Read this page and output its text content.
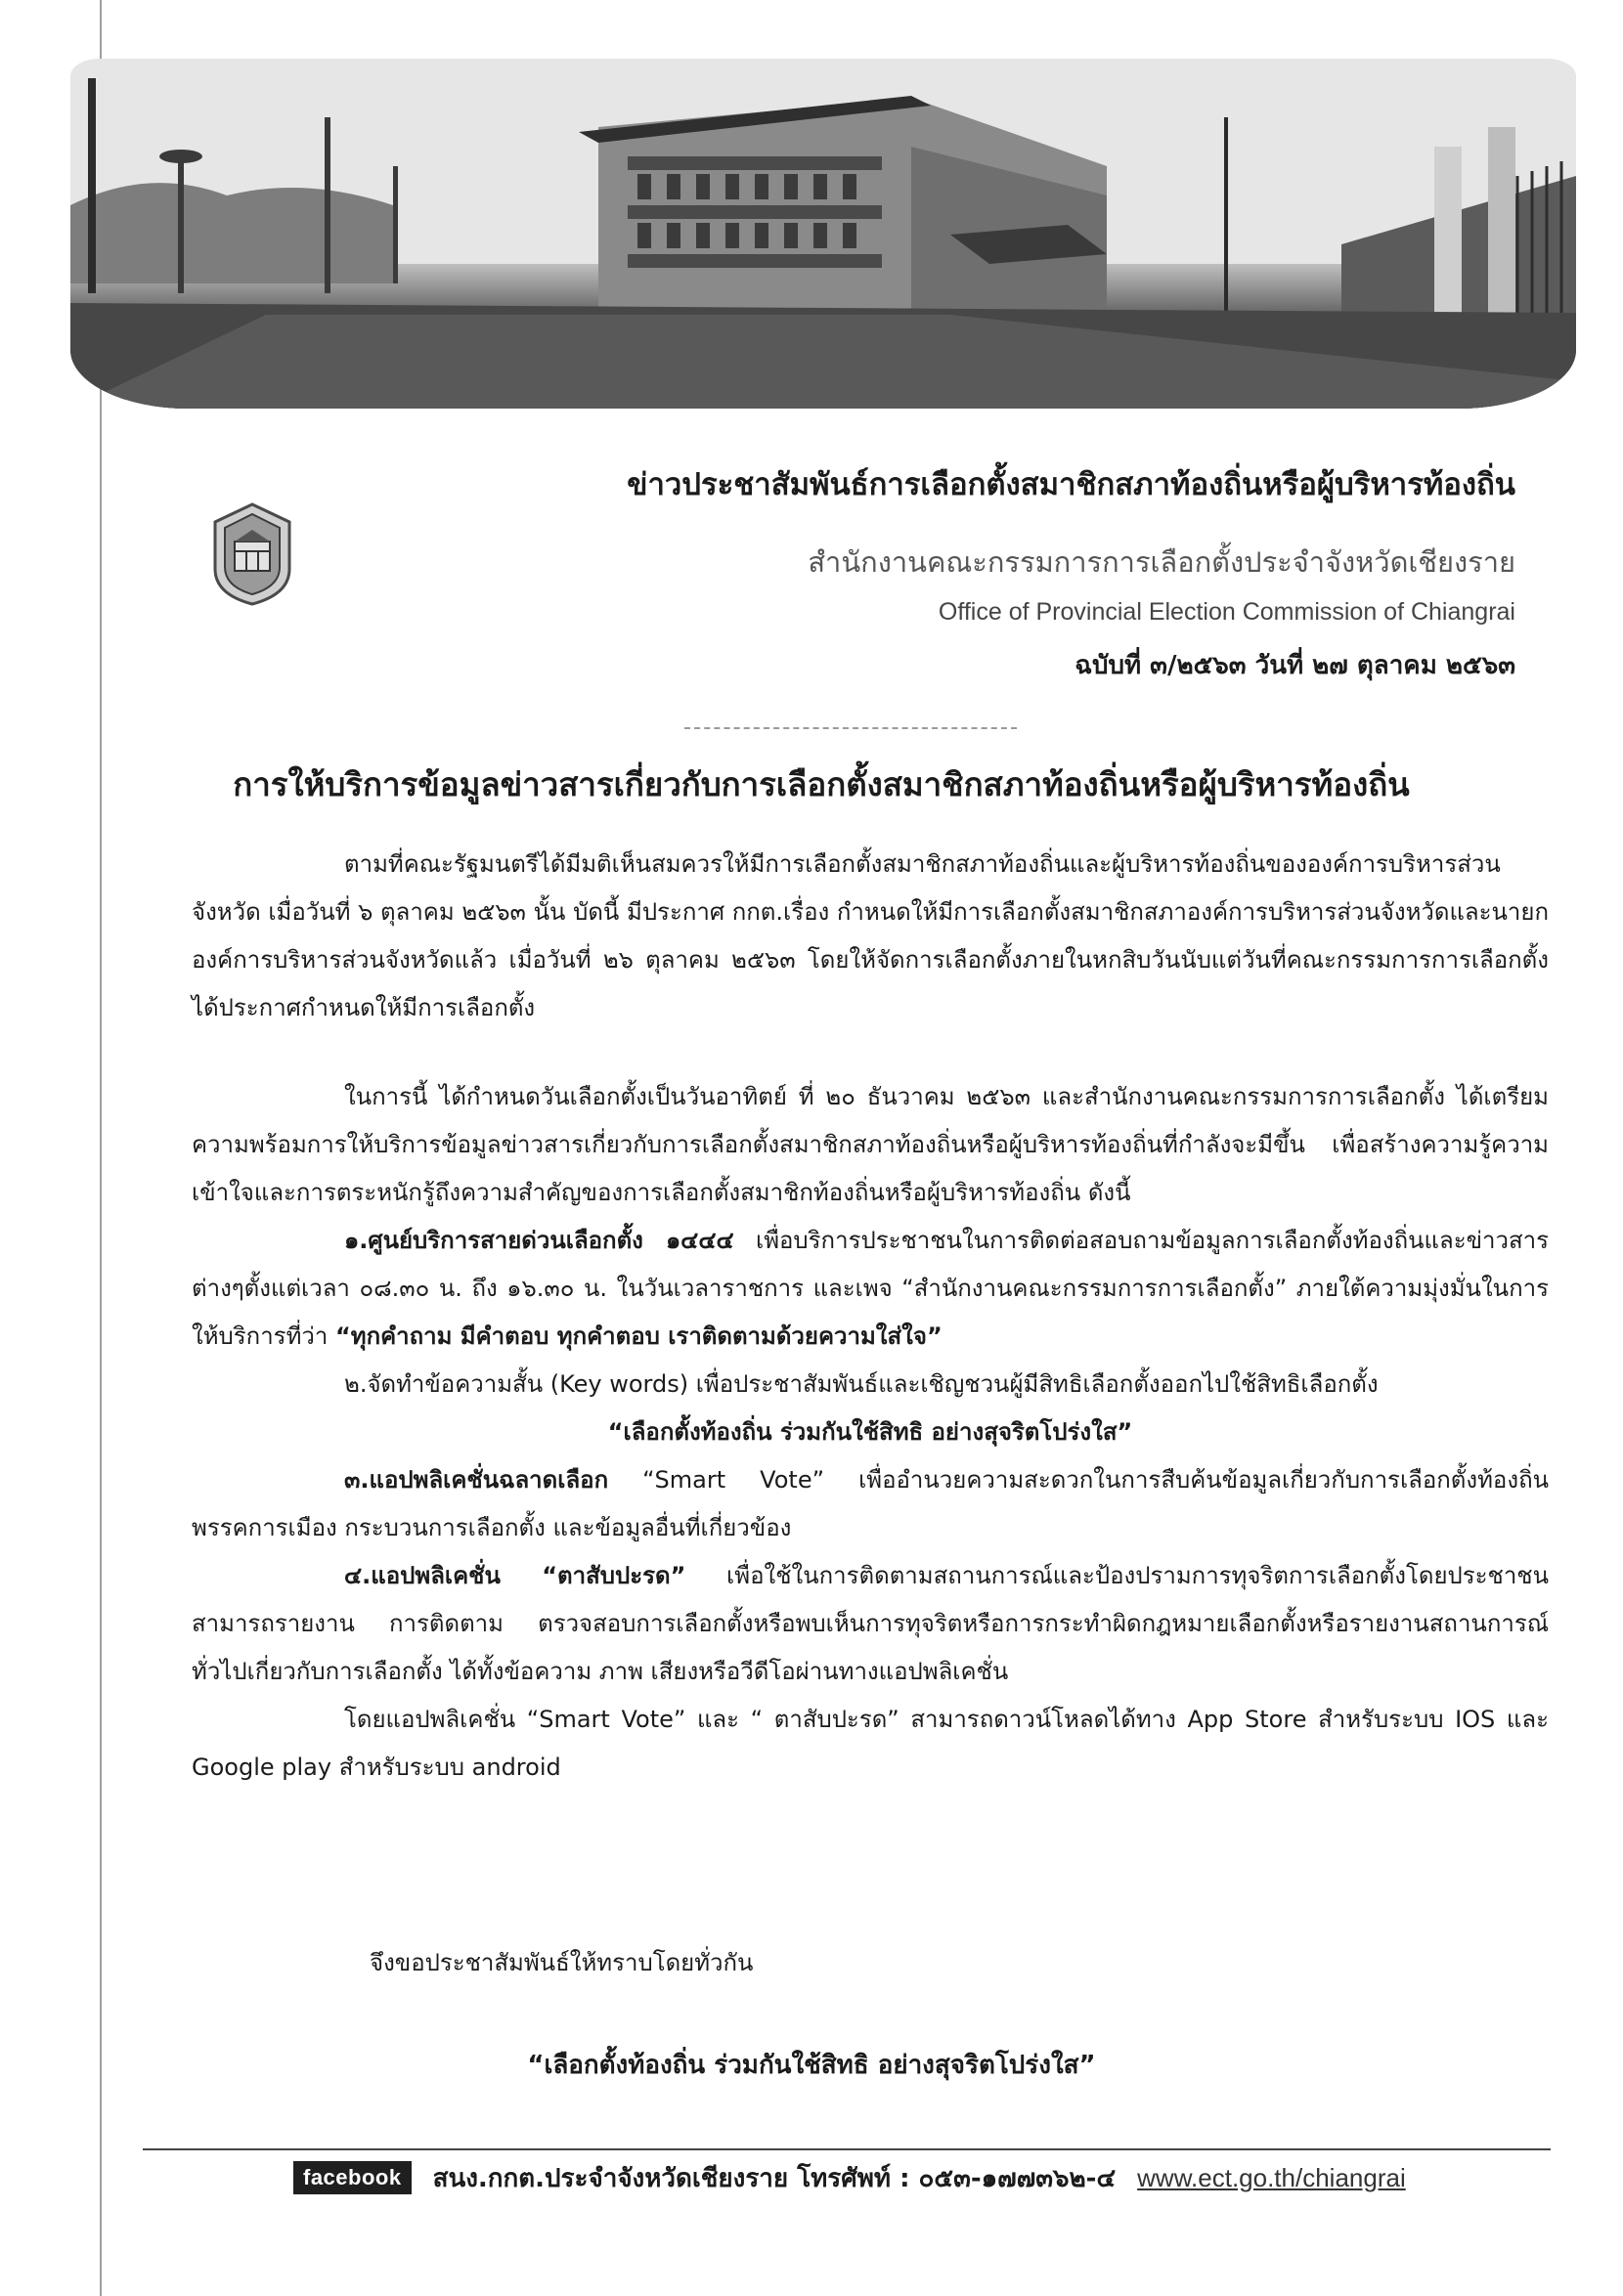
ข่าวประชาสัมพันธ์การเลือกตั้งสมาชิกสภาท้องถิ่นหรือผู้บริหารท้องถิ่น
สำนักงานคณะกรรมการการเลือกตั้งประจำจังหวัดเชียงราย
Office of Provincial Election Commission of Chiangrai
ฉบับที่ ๓/๒๕๖๓ วันที่ ๒๗ ตุลาคม ๒๕๖๓
การให้บริการข้อมูลข่าวสารเกี่ยวกับการเลือกตั้งสมาชิกสภาท้องถิ่นหรือผู้บริหารท้องถิ่น

ตามที่คณะรัฐมนตรีได้มีมติเห็นสมควรให้มีการเลือกตั้งสมาชิกสภาท้องถิ่นและผู้บริหารท้องถิ่นขององค์การบริหารส่วนจังหวัด เมื่อวันที่ ๖ ตุลาคม ๒๕๖๓ นั้น บัดนี้ มีประกาศ กกต.เรื่อง กำหนดให้มีการเลือกตั้งสมาชิกสภาองค์การบริหารส่วนจังหวัดและนายกองค์การบริหารส่วนจังหวัดแล้ว เมื่อวันที่ ๒๖ ตุลาคม ๒๕๖๓ โดยให้จัดการเลือกตั้งภายในหกสิบวันนับแต่วันที่คณะกรรมการการเลือกตั้งได้ประกาศกำหนดให้มีการเลือกตั้ง

ในการนี้ ได้กำหนดวันเลือกตั้งเป็นวันอาทิตย์ ที่ ๒๐ ธันวาคม ๒๕๖๓ และสำนักงานคณะกรรมการการเลือกตั้ง ได้เตรียมความพร้อมการให้บริการข้อมูลข่าวสารเกี่ยวกับการเลือกตั้งสมาชิกสภาท้องถิ่นหรือผู้บริหารท้องถิ่นที่กำลังจะมีขึ้น เพื่อสร้างความรู้ความเข้าใจและการตระหนักรู้ถึงความสำคัญของการเลือกตั้งสมาชิกท้องถิ่นหรือผู้บริหารท้องถิ่น ดังนี้

๑.ศูนย์บริการสายด่วนเลือกตั้ง ๑๔๔๔ เพื่อบริการประชาชนในการติดต่อสอบถามข้อมูลการเลือกตั้งท้องถิ่นและข่าวสารต่างๆตั้งแต่เวลา ๐๘.๓๐ น. ถึง ๑๖.๓๐ น. ในวันเวลาราชการ และเพจ “สำนักงานคณะกรรมการการเลือกตั้ง” ภายใต้ความมุ่งมั่นในการให้บริการที่ว่า “ทุกคำถาม มีคำตอบ ทุกคำตอบ เราติดตามด้วยความใส่ใจ”

๒.จัดทำข้อความสั้น (Key words) เพื่อประชาสัมพันธ์และเชิญชวนผู้มีสิทธิเลือกตั้งออกไปใช้สิทธิเลือกตั้ง

“เลือกตั้งท้องถิ่น ร่วมกันใช้สิทธิ อย่างสุจริตโปร่งใส”

๓.แอปพลิเคชั่นฉลาดเลือก “Smart Vote” เพื่ออำนวยความสะดวกในการสืบค้นข้อมูลเกี่ยวกับการเลือกตั้งท้องถิ่น พรรคการเมือง กระบวนการเลือกตั้ง และข้อมูลอื่นที่เกี่ยวข้อง

๔.แอปพลิเคชั่น “ตาสับปะรด” เพื่อใช้ในการติดตามสถานการณ์และป้องปรามการทุจริตการเลือกตั้งโดยประชาชนสามารถรายงาน การติดตาม ตรวจสอบการเลือกตั้งหรือพบเห็นการทุจริตหรือการกระทำผิดกฎหมายเลือกตั้งหรือรายงานสถานการณ์ทั่วไปเกี่ยวกับการเลือกตั้ง ได้ทั้งข้อความ ภาพ เสียงหรือวีดีโอผ่านทางแอปพลิเคชั่น

โดยแอปพลิเคชั่น “Smart Vote” และ “ ตาสับปะรด” สามารถดาวน์โหลดได้ทาง App Store สำหรับระบบ IOS และ Google play สำหรับระบบ android

จึงขอประชาสัมพันธ์ให้ทราบโดยทั่วกัน

“เลือกตั้งท้องถิ่น ร่วมกันใช้สิทธิ อย่างสุจริตโปร่งใส”
facebook	สนง.กกต.ประจำจังหวัดเชียงราย โทรศัพท์ : ๐๕๓-๑๗๗๓๖๒-๔ www.ect.go.th/chiangrai
